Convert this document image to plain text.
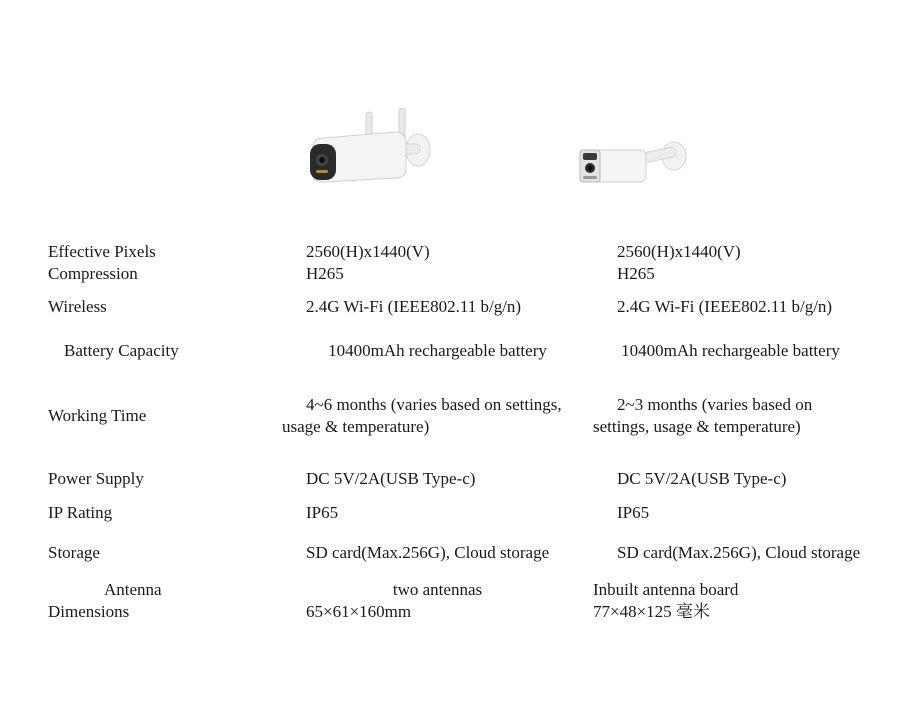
Effective Pixels	2560(H)x1440(V)	2560(H)x1440(V)
Compression	H265	H265
Wireless	2.4G Wi-Fi (IEEE802.11 b/g/n)	2.4G Wi-Fi (IEEE802.11 b/g/n)
Battery Capacity	10400mAh rechargeable battery	10400mAh rechargeable battery
Working Time	4~6 months (varies based on settings, usage & temperature)	2~3 months (varies based on settings, usage & temperature)
Power Supply	DC 5V/2A(USB Type-c)	DC 5V/2A(USB Type-c)
IP Rating	IP65	IP65
Storage	SD card(Max.256G), Cloud storage	SD card(Max.256G), Cloud storage
Antenna	two antennas	Inbuilt antenna board
Dimensions	65×61×160mm	77×48×125 毫米
